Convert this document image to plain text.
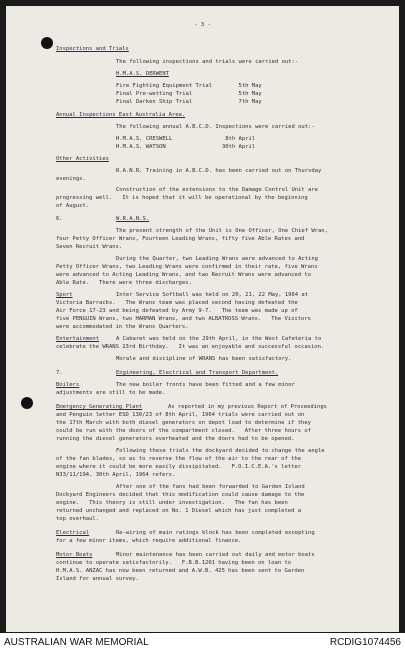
- 3 -
Inspections and Trials
The following inspections and trials were carried out:-
H.M.A.S. DERWENT
Fire Fighting Equipment Trial        5th May
Final Pre-wetting Trial              5th May
Final Darken Ship Trial              7th May
Annual Inspections East Australia Area.
The following annual A.B.C.D. Inspections were carried out:-
H.M.A.S. CRESWELL                8th April
H.M.A.S. WATSON                 30th April
Other Activities
R.A.N.R. Training in A.B.C.D. has been carried out on Thursday
evenings.
Construction of the extensions to the Damage Control Unit are
progressing well.   It is hoped that it will be operational by the beginning
of August.
6.	W.R.A.N.S.
The present strength of the Unit is One Officer, One Chief Wran,
four Petty Officer Wrans, Fourteen Leading Wrans, fifty five Able Rates and
Seven Recruit Wrans.
During the Quarter, two Leading Wrans were advanced to Acting
Petty Officer Wrans, two Leading Wrans were confirmed in their rate, five Wrans
were advanced to Acting Leading Wrans, and two Recruit Wrans were advanced to
Able Rate.   There were three discharges.
Sport	Inter Service Softball was held on 20, 21, 22 May, 1964 at
Victoria Barracks.   The Wrans team was placed second having defeated the
Air Force 17-23 and being defeated by Army 9-7.   The team was made up of
five PENGUIN Wrans, two HARMAN Wrans, and two ALBATROSS Wrans.   The Visitors
were accommodated in the Wrans Quarters.
Entertainment	A Cabaret was held on the 29th April, in the West Cafeteria to
celebrate the WRANS 23rd Birthday.   It was an enjoyable and successful occasion.
Morale and discipline of WRANS has been satisfactory.
7.	Engineering, Electrical and Transport Department.
Boilers	The new boiler fronts have been fitted and a few minor
adjustments are still to be made.
Emergency Generating Plant	As reported in my previous Report of Proceedings
and Penguin letter ESD 130/23 of 8th April, 1964 trials were carried out on
the 17th March with both diesel generators on depot load to determine if they
could be run with the doors of the compartment closed.   After three hours of
running the diesel generators overheated and the doors had to be opened.
Following these trials the dockyard decided to change the angle
of the fan blades, so as to reverse the flow of the air to the rear of the
engine where it could be more easily dissipitated.   F.O.I.C.E.A.'s letter
N33/11/194, 30th April, 1964 refers.
After one of the fans had been forwarded to Garden Island
Dockyard Engineers decided that this modification could cause damage to the
engine.   This theory is still under investigation.   The fan has been
returned unchanged and replaced on No. 1 Diesel which has just completed a
top overhaul.
Electrical	Re-wiring of main ratings block has been completed excepting
for a few minor items, which require additional finance.
Motor Boats	Minor maintenance has been carried out daily and motor boats
continue to operate satisfactorily.   F.B.B.1201 having been on loan to
H.M.A.S. ANZAC has now been returned and A.W.B. 425 has been sent to Garden
Island for annual survey.
AUSTRALIAN WAR MEMORIAL	RCDIG1074456
